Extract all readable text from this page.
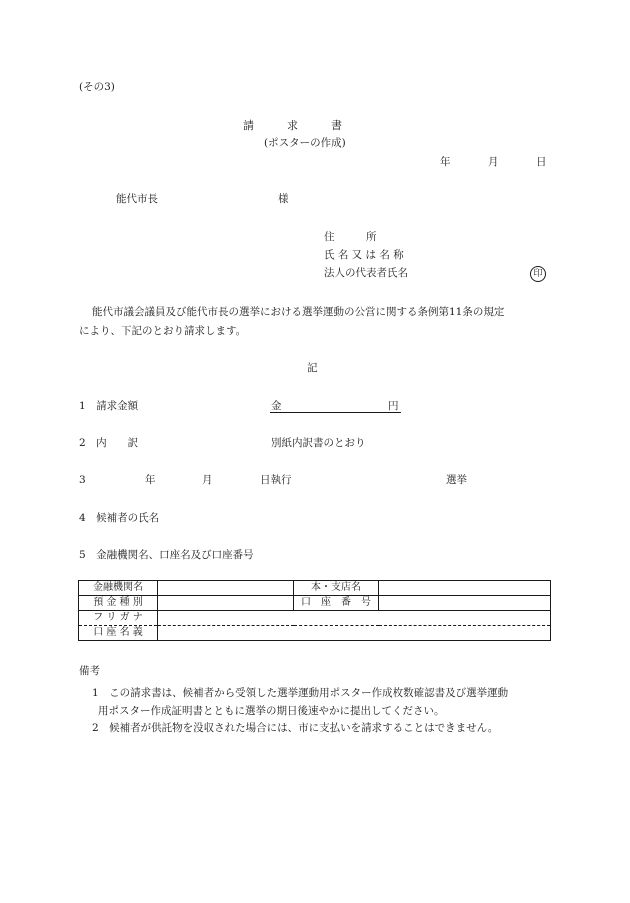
(その3)
請　　　求　　　書
(ポスターの作成)
年	月	日
能代市長	様
住　　　所
氏 名 又 は 名 称
法人の代表者氏名	印
能代市議会議員及び能代市長の選挙における選挙運動の公営に関する条例第11条の規定
により、下記のとおり請求します。
記
1　請求金額	金	円
2　内　　訳	別紙内訳書のとおり
3	年	月	日執行	選挙
4　候補者の氏名
5　金融機関名、口座名及び口座番号
金融機関名		本・支店名	
預 金 種 別		口　座　番　号	
フ リ ガ ナ			
口 座 名 義			
備考
1　この請求書は、候補者から受領した選挙運動用ポスター作成枚数確認書及び選挙運動
用ポスター作成証明書とともに選挙の期日後速やかに提出してください。
2　候補者が供託物を没収された場合には、市に支払いを請求することはできません。
